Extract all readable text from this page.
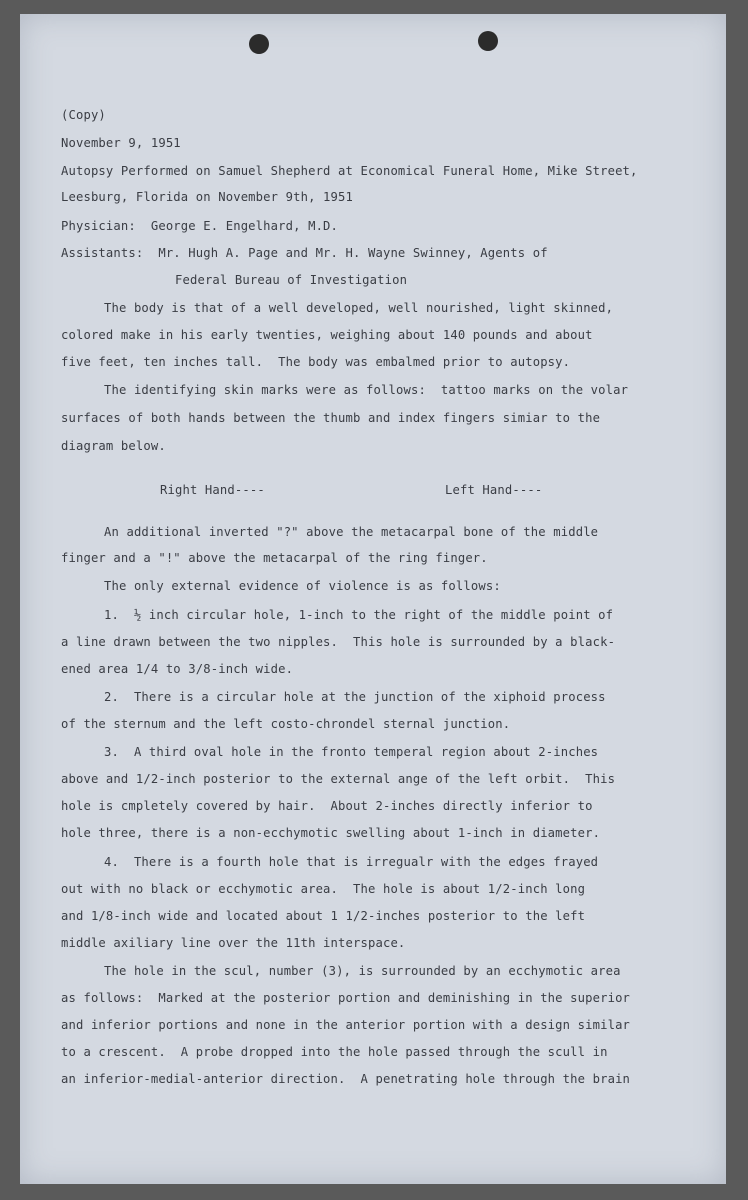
(Copy)
November 9, 1951
Autopsy Performed on Samuel Shepherd at Economical Funeral Home, Mike Street,
Leesburg, Florida on November 9th, 1951
Physician:  George E. Engelhard, M.D.
Assistants:  Mr. Hugh A. Page and Mr. H. Wayne Swinney, Agents of
Federal Bureau of Investigation
The body is that of a well developed, well nourished, light skinned,
colored make in his early twenties, weighing about 140 pounds and about
five feet, ten inches tall.  The body was embalmed prior to autopsy.
The identifying skin marks were as follows:  tattoo marks on the volar
surfaces of both hands between the thumb and index fingers simiar to the
diagram below.
Right Hand----	Left Hand----
An additional inverted "?" above the metacarpal bone of the middle
finger and a "!" above the metacarpal of the ring finger.
The only external evidence of violence is as follows:
1.  ½ inch circular hole, 1-inch to the right of the middle point of
a line drawn between the two nipples.  This hole is surrounded by a black-
ened area 1/4 to 3/8-inch wide.
2.  There is a circular hole at the junction of the xiphoid process
of the sternum and the left costo-chrondel sternal junction.
3.  A third oval hole in the fronto temperal region about 2-inches
above and 1/2-inch posterior to the external ange of the left orbit.  This
hole is cmpletely covered by hair.  About 2-inches directly inferior to
hole three, there is a non-ecchymotic swelling about 1-inch in diameter.
4.  There is a fourth hole that is irregualr with the edges frayed
out with no black or ecchymotic area.  The hole is about 1/2-inch long
and 1/8-inch wide and located about 1 1/2-inches posterior to the left
middle axiliary line over the 11th interspace.
The hole in the scul, number (3), is surrounded by an ecchymotic area
as follows:  Marked at the posterior portion and deminishing in the superior
and inferior portions and none in the anterior portion with a design similar
to a crescent.  A probe dropped into the hole passed through the scull in
an inferior-medial-anterior direction.  A penetrating hole through the brain
